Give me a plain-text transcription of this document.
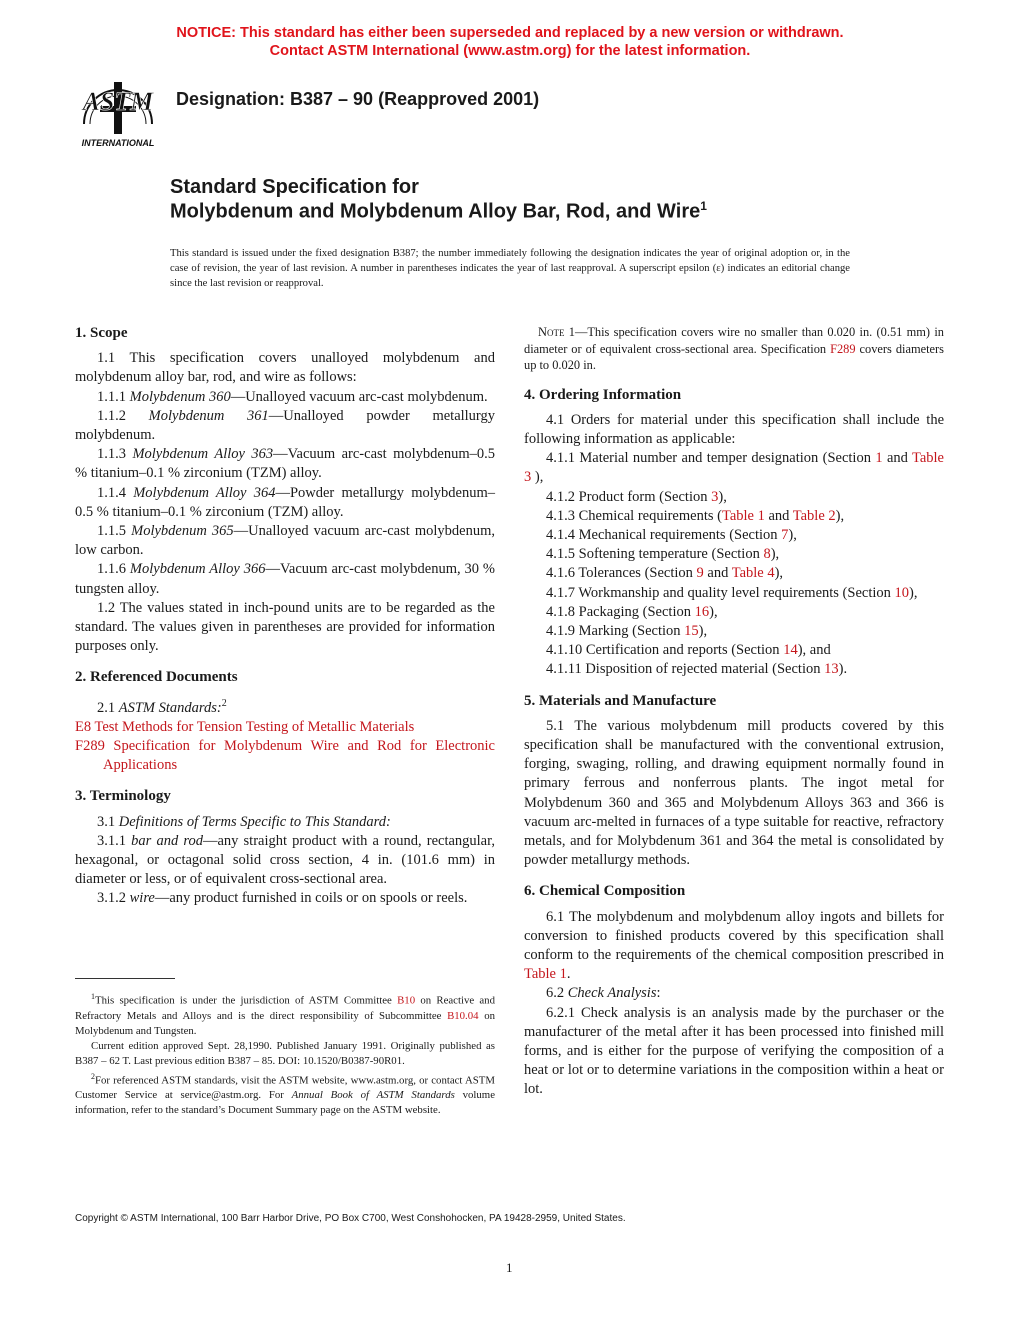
NOTICE: This standard has either been superseded and replaced by a new version or withdrawn.
Contact ASTM International (www.astm.org) for the latest information.
ASTM
INTERNATIONAL
Designation: B387 – 90 (Reapproved 2001)
Standard Specification for
Molybdenum and Molybdenum Alloy Bar, Rod, and Wire$^1$
This standard is issued under the fixed designation B387; the number immediately following the designation indicates the year of original adoption or, in the case of revision, the year of last revision. A number in parentheses indicates the year of last reapproval. A superscript epsilon (ε) indicates an editorial change since the last revision or reapproval.

1. Scope

1.1 This specification covers unalloyed molybdenum and molybdenum alloy bar, rod, and wire as follows:

1.1.1 Molybdenum 360—Unalloyed vacuum arc-cast molybdenum.

1.1.2 Molybdenum 361—Unalloyed powder metallurgy molybdenum.

1.1.3 Molybdenum Alloy 363—Vacuum arc-cast molybdenum–0.5 % titanium–0.1 % zirconium (TZM) alloy.

1.1.4 Molybdenum Alloy 364—Powder metallurgy molybdenum–0.5 % titanium–0.1 % zirconium (TZM) alloy.

1.1.5 Molybdenum 365—Unalloyed vacuum arc-cast molybdenum, low carbon.

1.1.6 Molybdenum Alloy 366—Vacuum arc-cast molybdenum, 30 % tungsten alloy.

1.2 The values stated in inch-pound units are to be regarded as the standard. The values given in parentheses are provided for information purposes only.

2. Referenced Documents

2.1 ASTM Standards:$^2$

E8 Test Methods for Tension Testing of Metallic Materials

F289 Specification for Molybdenum Wire and Rod for Electronic Applications

3. Terminology

3.1 Definitions of Terms Specific to This Standard:

3.1.1 bar and rod—any straight product with a round, rectangular, hexagonal, or octagonal solid cross section, 4 in. (101.6 mm) in diameter or less, or of equivalent cross-sectional area.

3.1.2 wire—any product furnished in coils or on spools or reels.

$^1$This specification is under the jurisdiction of ASTM Committee B10 on Reactive and Refractory Metals and Alloys and is the direct responsibility of Subcommittee B10.04 on Molybdenum and Tungsten.

Current edition approved Sept. 28,1990. Published January 1991. Originally published as B387 – 62 T. Last previous edition B387 – 85. DOI: 10.1520/B0387-90R01.

$^2$For referenced ASTM standards, visit the ASTM website, www.astm.org, or contact ASTM Customer Service at service@astm.org. For Annual Book of ASTM Standards volume information, refer to the standard’s Document Summary page on the ASTM website.

Note 1—This specification covers wire no smaller than 0.020 in. (0.51 mm) in diameter or of equivalent cross-sectional area. Specification F289 covers diameters up to 0.020 in.

4. Ordering Information

4.1 Orders for material under this specification shall include the following information as applicable:

4.1.1 Material number and temper designation (Section 1 and Table 3 ),

4.1.2 Product form (Section 3),

4.1.3 Chemical requirements (Table 1 and Table 2),

4.1.4 Mechanical requirements (Section 7),

4.1.5 Softening temperature (Section 8),

4.1.6 Tolerances (Section 9 and Table 4),

4.1.7 Workmanship and quality level requirements (Section 10),

4.1.8 Packaging (Section 16),

4.1.9 Marking (Section 15),

4.1.10 Certification and reports (Section 14), and

4.1.11 Disposition of rejected material (Section 13).

5. Materials and Manufacture

5.1 The various molybdenum mill products covered by this specification shall be manufactured with the conventional extrusion, forging, swaging, rolling, and drawing equipment normally found in primary ferrous and nonferrous plants. The ingot metal for Molybdenum 360 and 365 and Molybdenum Alloys 363 and 366 is vacuum arc-melted in furnaces of a type suitable for reactive, refractory metals, and for Molybdenum 361 and 364 the metal is consolidated by powder metallurgy methods.

6. Chemical Composition

6.1 The molybdenum and molybdenum alloy ingots and billets for conversion to finished products covered by this specification shall conform to the requirements of the chemical composition prescribed in Table 1.

6.2 Check Analysis:

6.2.1 Check analysis is an analysis made by the purchaser or the manufacturer of the metal after it has been processed into finished mill forms, and is either for the purpose of verifying the composition of a heat or lot or to determine variations in the composition within a heat or lot.

Copyright © ASTM International, 100 Barr Harbor Drive, PO Box C700, West Conshohocken, PA 19428-2959, United States.
1
